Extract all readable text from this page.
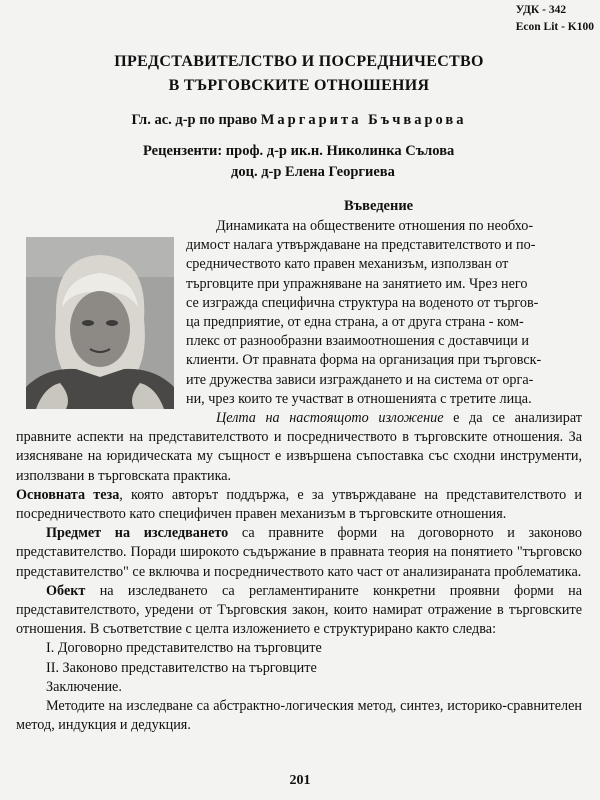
УДК - 342
Econ Lit - K100
ПРЕДСТАВИТЕЛСТВО И ПОСРЕДНИЧЕСТВО
В ТЪРГОВСКИТЕ ОТНОШЕНИЯ

Гл. ас. д-р по право Маргарита Бъчварова

Рецензенти: проф. д-р ик.н. Николинка Сълова
доц. д-р Елена Георгиева
Въведение
Динамиката на обществените отношения по необхо-
димост налага утвърждаване на представителството и по-
средничеството като правен механизъм, използван от
търговците при упражняване на занятието им. Чрез него
се изгражда специфична структура на воденото от търгов-
ца предприятие, от една страна, а от друга страна - ком-
плекс от разнообразни взаимоотношения с доставчици и
клиенти. От правната форма на организация при търговск-
ите дружества зависи изграждането и на система от орга-
ни, чрез които те участват в отношенията с третите лица.

Целта на настоящото изложение е да се анализират правните аспекти на представителството и посредничеството в търговските отношения. За изясняване на юридическата му същност е извършена съпоставка със сходни инструменти, използвани в търговската практика.

Основната теза, която авторът поддържа, е за утвърждаване на представителството и посредничеството като специфичен правен механизъм в търговските отношения.

Предмет на изследването са правните форми на договорното и законово представителство. Поради широкото съдържание в правната теория на понятието "търговско представителство" се включва и посредничеството като част от анализираната проблематика.

Обект на изследването са регламентираните конкретни проявни форми на представителството, уредени от Търговския закон, които намират отражение в търговските отношения. В съответствие с целта изложението е структурирано както следва:

I. Договорно представителство на търговците
II. Законово представителство на търговците
Заключение.

Методите на изследване са абстрактно-логическия метод, синтез, историко-сравнителен метод, индукция и дедукция.

201
